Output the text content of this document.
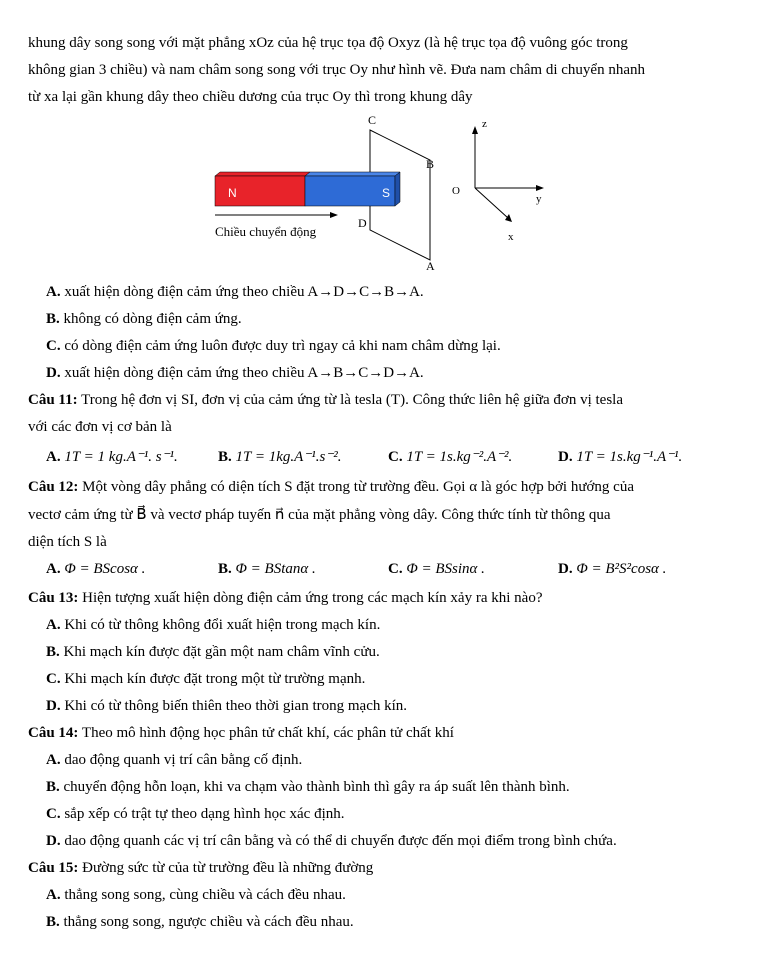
khung dây song song với mặt phẳng xOz của hệ trục tọa độ Oxyz (là hệ trục tọa độ vuông góc trong
không gian 3 chiều) và nam châm song song với trục Oy như hình vẽ. Đưa nam châm di chuyển nhanh
từ xa lại gần khung dây theo chiều dương của trục Oy thì trong khung dây
N	S
Chiều chuyển động
C
B
D
A
z
O
y
x
A. xuất hiện dòng điện cảm ứng theo chiều A→D→C→B→A.
B. không có dòng điện cảm ứng.
C. có dòng điện cảm ứng luôn được duy trì ngay cả khi nam châm dừng lại.
D. xuất hiện dòng điện cảm ứng theo chiều A→B→C→D→A.
Câu 11: Trong hệ đơn vị SI, đơn vị của cảm ứng từ là tesla (T). Công thức liên hệ giữa đơn vị tesla
với các đơn vị cơ bản là
A. 1T = 1 kg.A⁻¹. s⁻¹.	B. 1T = 1kg.A⁻¹.s⁻².	C. 1T = 1s.kg⁻².A⁻².	D. 1T = 1s.kg⁻¹.A⁻¹.
Câu 12: Một vòng dây phẳng có diện tích S đặt trong từ trường đều. Gọi α là góc hợp bởi hướng của
vectơ cảm ứng từ B⃗ và vectơ pháp tuyến n⃗ của mặt phẳng vòng dây. Công thức tính từ thông qua
diện tích S là
A. Φ = BScosα .	B. Φ = BStanα .	C. Φ = BSsinα .	D. Φ = B²S²cosα .
Câu 13: Hiện tượng xuất hiện dòng điện cảm ứng trong các mạch kín xảy ra khi nào?
A. Khi có từ thông không đổi xuất hiện trong mạch kín.
B. Khi mạch kín được đặt gần một nam châm vĩnh cửu.
C. Khi mạch kín được đặt trong một từ trường mạnh.
D. Khi có từ thông biến thiên theo thời gian trong mạch kín.
Câu 14: Theo mô hình động học phân tử chất khí, các phân tử chất khí
A. dao động quanh vị trí cân bằng cố định.
B. chuyển động hỗn loạn, khi va chạm vào thành bình thì gây ra áp suất lên thành bình.
C. sắp xếp có trật tự theo dạng hình học xác định.
D. dao động quanh các vị trí cân bằng và có thể di chuyển được đến mọi điểm trong bình chứa.
Câu 15: Đường sức từ của từ trường đều là những đường
A. thẳng song song, cùng chiều và cách đều nhau.
B. thẳng song song, ngược chiều và cách đều nhau.
